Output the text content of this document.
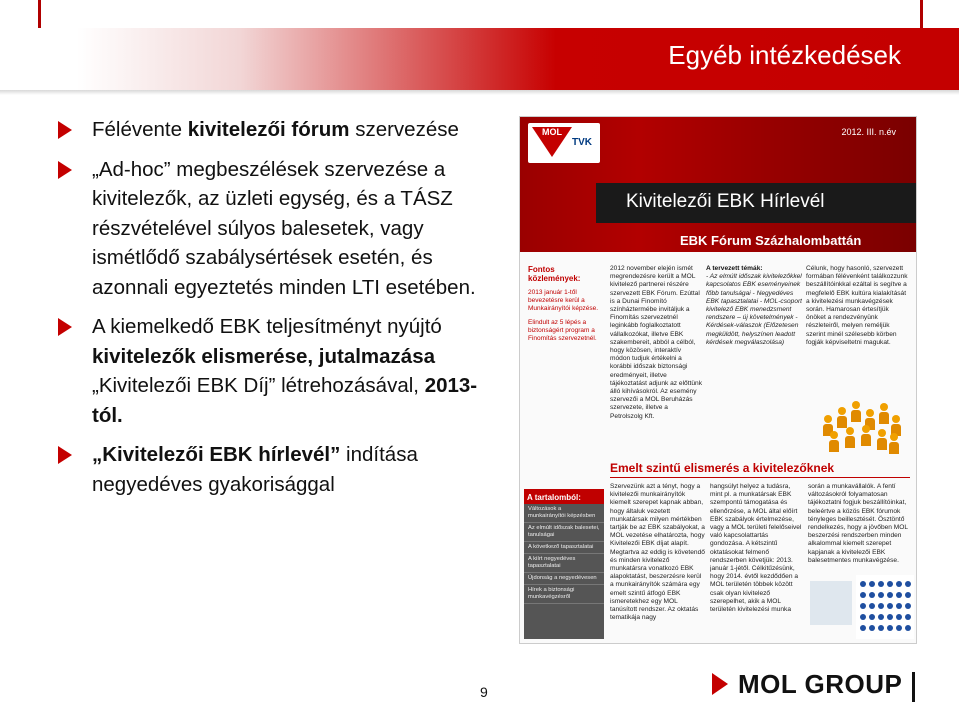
Egyéb intézkedések
Félévente kivitelezői fórum szervezése
„Ad-hoc” megbeszélések szervezése a kivitelezők, az üzleti egység, és a TÁSZ részvételével súlyos balesetek, vagy ismétlődő szabálysértések esetén, és azonnali egyeztetés minden LTI esetében.
A kiemelkedő EBK teljesítményt nyújtó kivitelezők elismerése, jutalmazása „Kivitelezői EBK Díj” létrehozásával, 2013-tól.
„Kivitelezői EBK hírlevél” indítása negyedéves gyakorisággal
MOL
TVK
2012. III. n.év
Kivitelezői EBK Hírlevél
EBK Fórum Százhalombattán
Fontos közlemények:
2013 január 1-től bevezetésre kerül a Munkairányítói képzése.
Elindult az 5 lépés a biztonságért program a Finomítás szervezetnél.
2012 november elején ismét megrendezésre került a MOL kivitelező partnerei részére szervezett EBK Fórum. Ezúttal is a Dunai Finomító színháztermébe invitáljuk a Finomítás szervezetnél leginkább foglalkoztatott vállalkozókat, illetve EBK szakembereit, abból a célból, hogy közösen, interaktív módon tudjuk értékelni a korábbi időszak biztonsági eredményeit, illetve tájékoztatást adjunk az előttünk álló kihívásokról. Az esemény szervezői a MOL Beruházás szervezete, illetve a Petrolszolg Kft.
A tervezett témák:
- Az elmúlt időszak kivitelezőkkel kapcsolatos EBK eseményeinek főbb tanulságai - Negyedéves EBK tapasztalatai - MOL-csoport kivitelező EBK menedzsment rendszere – új követelmények - Kérdések-válaszok (Előzetesen megküldött, helyszínen leadott kérdések megválaszolása)
Célunk, hogy hasonló, szervezett formában félévenként találkozzunk beszállítóinkkal ezáltal is segítve a megfelelő EBK kultúra kialakítását a kivitelezési munkavégzések során. Hamarosan értesítjük önöket a rendezvényünk részleteiről, melyen reméljük szerint minél szélesebb körben fogják képviseltetni magukat.
Emelt szintű elismerés a kivitelezőknek
A tartalomból:
Változások a munkairányítói képzésben
Az elmúlt időszak balesetei, tanulságai
A következő tapasztalatai
A kiírt negyedéves tapasztalatai
Újdonság a negyedévesen
Hírek a biztonsági munkavégzésről
Szervezünk azt a tényt, hogy a kivitelezői munkairányítók kiemelt szerepet kapnak abban, hogy általuk vezetett munkatársak milyen mértékben tartják be az EBK szabályokat, a MOL vezetése elhatározta, hogy Kivitelezői EBK díjat alapít. Megtartva az eddig is követendő és minden kivitelező munkatársra vonatkozó EBK alapoktatást, beszerzésre kerül a munkairányítók számára egy emelt szintű átfogó EBK ismeretekhez egy MOL tanúsított rendszer. Az oktatás tematikája nagy
hangsúlyt helyez a tudásra, mint pl. a munkatársak EBK szempontú támogatása és ellenőrzése, a MOL által előírt EBK szabályok értelmezése, vagy a MOL területi felelőseivel való kapcsolattartás gondozása. A kétszintű oktatásokat felmenő rendszerben követjük: 2013. január 1-jétől. Célkitűzésünk, hogy 2014. évtől kezdődően a MOL területén többek között csak olyan kivitelező szerepelhet, akik a MOL területén kivitelezési munka
során a munkavállalók. A fentí változásokról folyamatosan tájékoztatni fogjuk beszállítóinkat, beleértve a közös EBK fórumok tényleges beillesztését. Ösztöntő rendelkezés, hogy a jövőben MOL beszerzési rendszerben minden alkalommal kiemelt szerepet kapjanak a kivitelezői EBK balesetmentes munkavégzése.
9	MOL GROUP
